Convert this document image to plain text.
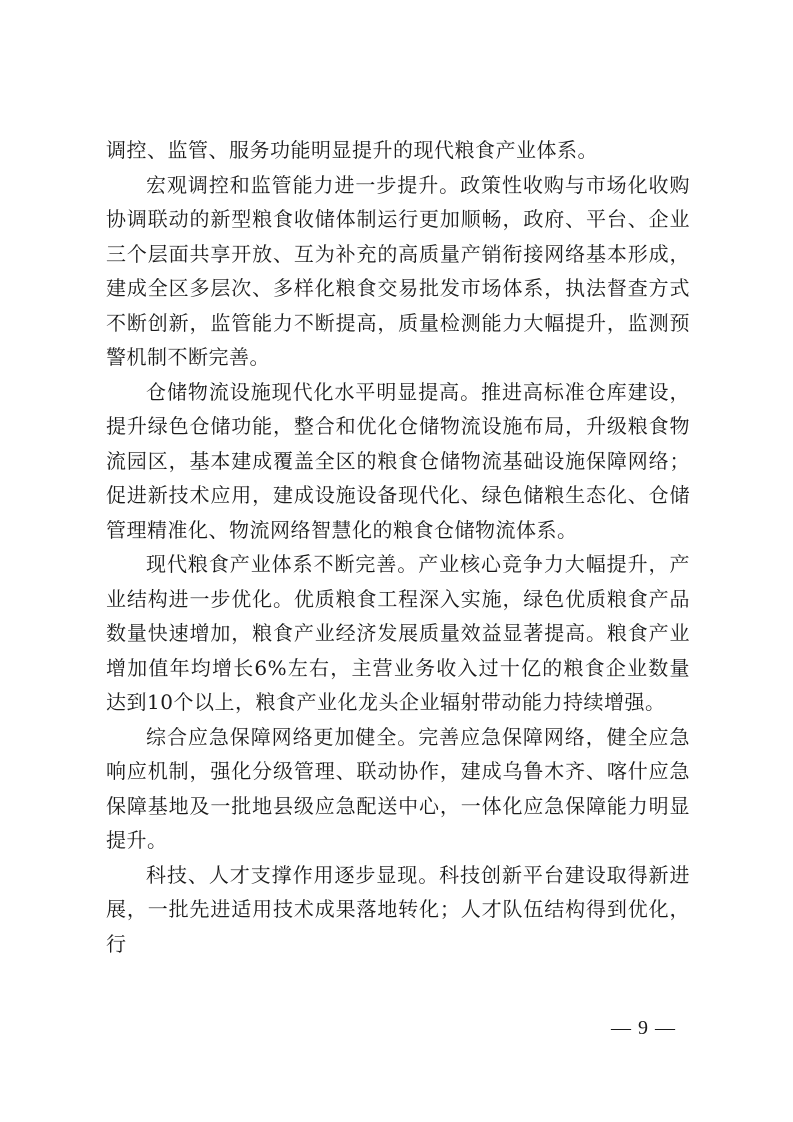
调控、监管、服务功能明显提升的现代粮食产业体系。

宏观调控和监管能力进一步提升。政策性收购与市场化收购协调联动的新型粮食收储体制运行更加顺畅，政府、平台、企业三个层面共享开放、互为补充的高质量产销衔接网络基本形成，建成全区多层次、多样化粮食交易批发市场体系，执法督查方式不断创新，监管能力不断提高，质量检测能力大幅提升，监测预警机制不断完善。

仓储物流设施现代化水平明显提高。推进高标准仓库建设，提升绿色仓储功能，整合和优化仓储物流设施布局，升级粮食物流园区，基本建成覆盖全区的粮食仓储物流基础设施保障网络；促进新技术应用，建成设施设备现代化、绿色储粮生态化、仓储管理精准化、物流网络智慧化的粮食仓储物流体系。

现代粮食产业体系不断完善。产业核心竞争力大幅提升，产业结构进一步优化。优质粮食工程深入实施，绿色优质粮食产品数量快速增加，粮食产业经济发展质量效益显著提高。粮食产业增加值年均增长6%左右，主营业务收入过十亿的粮食企业数量达到10个以上，粮食产业化龙头企业辐射带动能力持续增强。

综合应急保障网络更加健全。完善应急保障网络，健全应急响应机制，强化分级管理、联动协作，建成乌鲁木齐、喀什应急保障基地及一批地县级应急配送中心，一体化应急保障能力明显提升。

科技、人才支撑作用逐步显现。科技创新平台建设取得新进展，一批先进适用技术成果落地转化；人才队伍结构得到优化，行

— 9 —
